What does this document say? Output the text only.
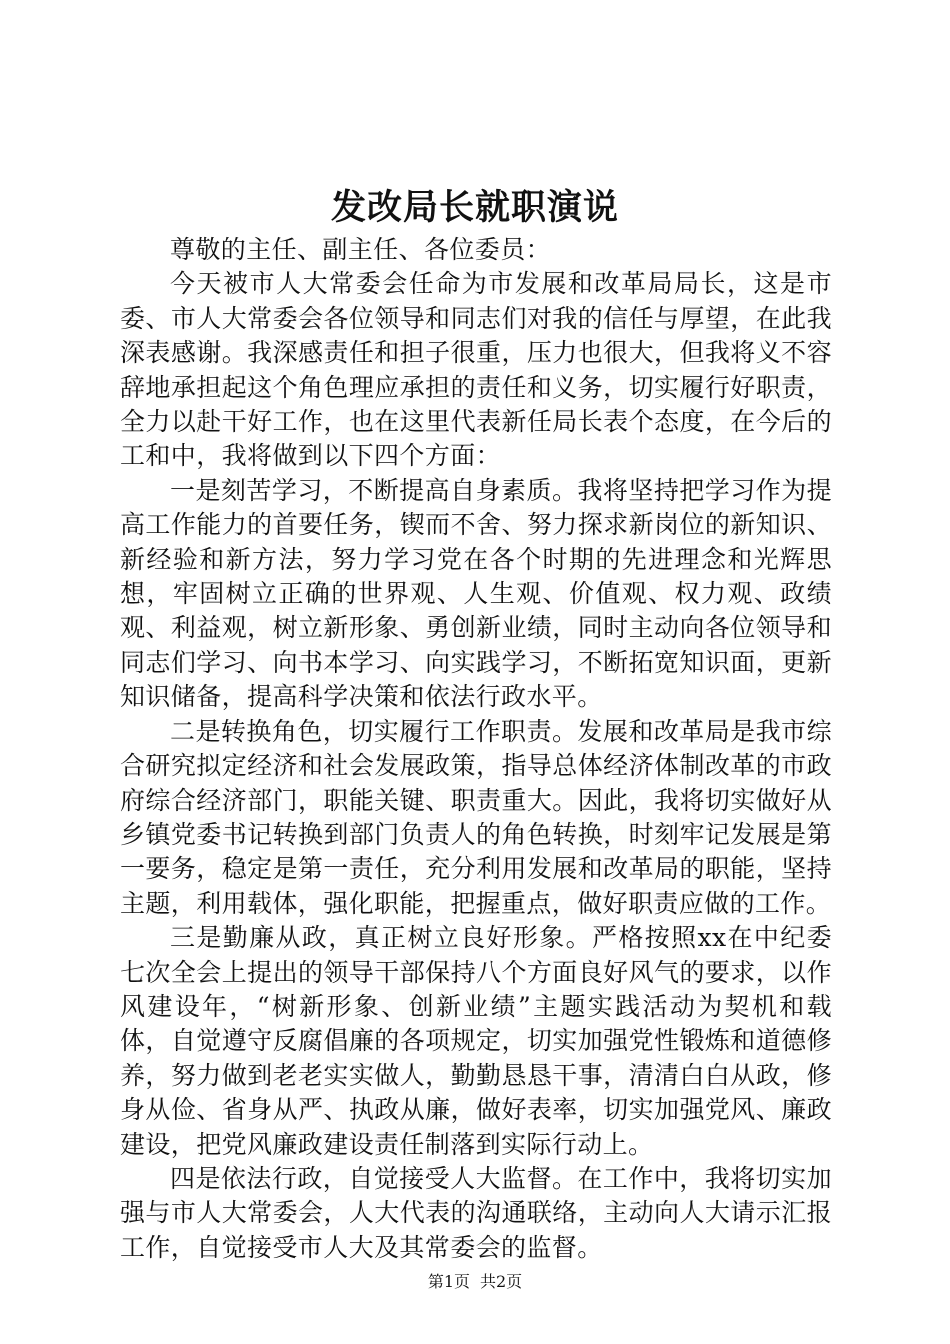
发改局长就职演说

尊敬的主任、副主任、各位委员：

今天被市人大常委会任命为市发展和改革局局长，这是市委、市人大常委会各位领导和同志们对我的信任与厚望，在此我深表感谢。我深感责任和担子很重，压力也很大，但我将义不容辞地承担起这个角色理应承担的责任和义务，切实履行好职责，全力以赴干好工作，也在这里代表新任局长表个态度，在今后的工和中，我将做到以下四个方面：

一是刻苦学习，不断提高自身素质。我将坚持把学习作为提高工作能力的首要任务，锲而不舍、努力探求新岗位的新知识、新经验和新方法，努力学习党在各个时期的先进理念和光辉思想，牢固树立正确的世界观、人生观、价值观、权力观、政绩观、利益观，树立新形象、勇创新业绩，同时主动向各位领导和同志们学习、向书本学习、向实践学习，不断拓宽知识面，更新知识储备，提高科学决策和依法行政水平。

二是转换角色，切实履行工作职责。发展和改革局是我市综合研究拟定经济和社会发展政策，指导总体经济体制改革的市政府综合经济部门，职能关键、职责重大。因此，我将切实做好从乡镇党委书记转换到部门负责人的角色转换，时刻牢记发展是第一要务，稳定是第一责任，充分利用发展和改革局的职能，坚持主题，利用载体，强化职能，把握重点，做好职责应做的工作。

三是勤廉从政，真正树立良好形象。严格按照xx在中纪委七次全会上提出的领导干部保持八个方面良好风气的要求，以作风建设年，“树新形象、创新业绩”主题实践活动为契机和载体，自觉遵守反腐倡廉的各项规定，切实加强党性锻炼和道德修养，努力做到老老实实做人，勤勤恳恳干事，清清白白从政，修身从俭、省身从严、执政从廉，做好表率，切实加强党风、廉政建设，把党风廉政建设责任制落到实际行动上。

四是依法行政，自觉接受人大监督。在工作中，我将切实加强与市人大常委会，人大代表的沟通联络，主动向人大请示汇报工作，自觉接受市人大及其常委会的监督。

第1页 共2页
